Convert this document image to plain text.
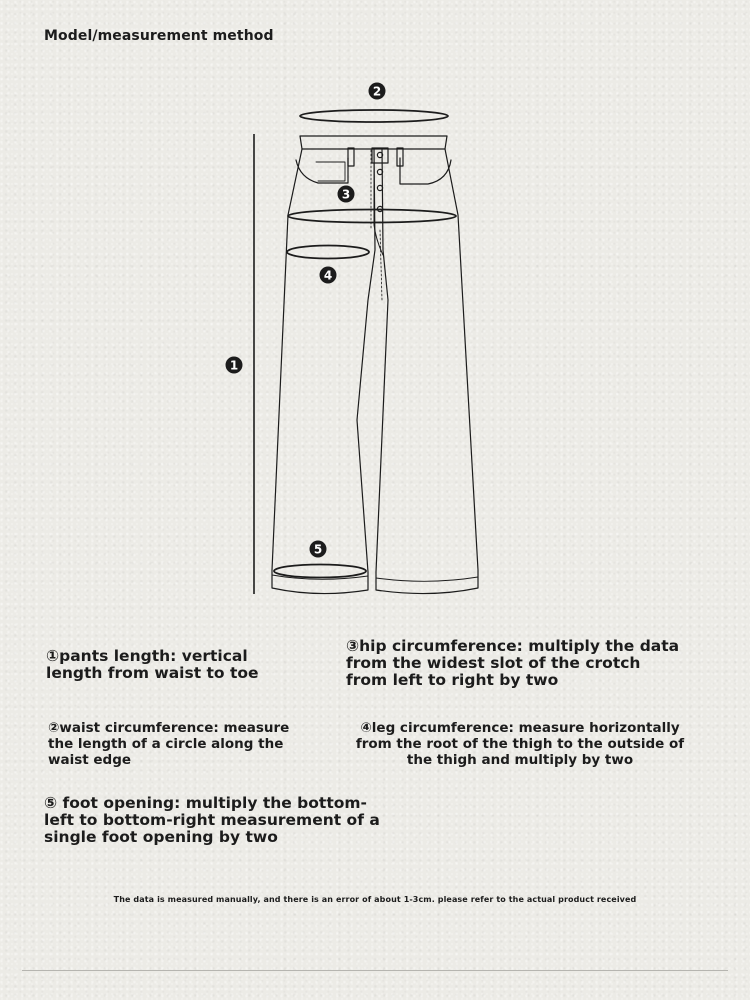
Model/measurement method
1
2
3
4
5
①pants length: vertical length from waist to toe
③hip circumference: multiply the data from the widest slot of the crotch from left to right by two
②waist circumference: measure the length of a circle along the waist edge
④leg circumference: measure horizontally from the root of the thigh to the outside of the thigh and multiply by two
⑤ foot opening: multiply the bottom-left to bottom-right measurement of a single foot opening by two
The data is measured manually, and there is an error of about 1-3cm. please refer to the actual product received
